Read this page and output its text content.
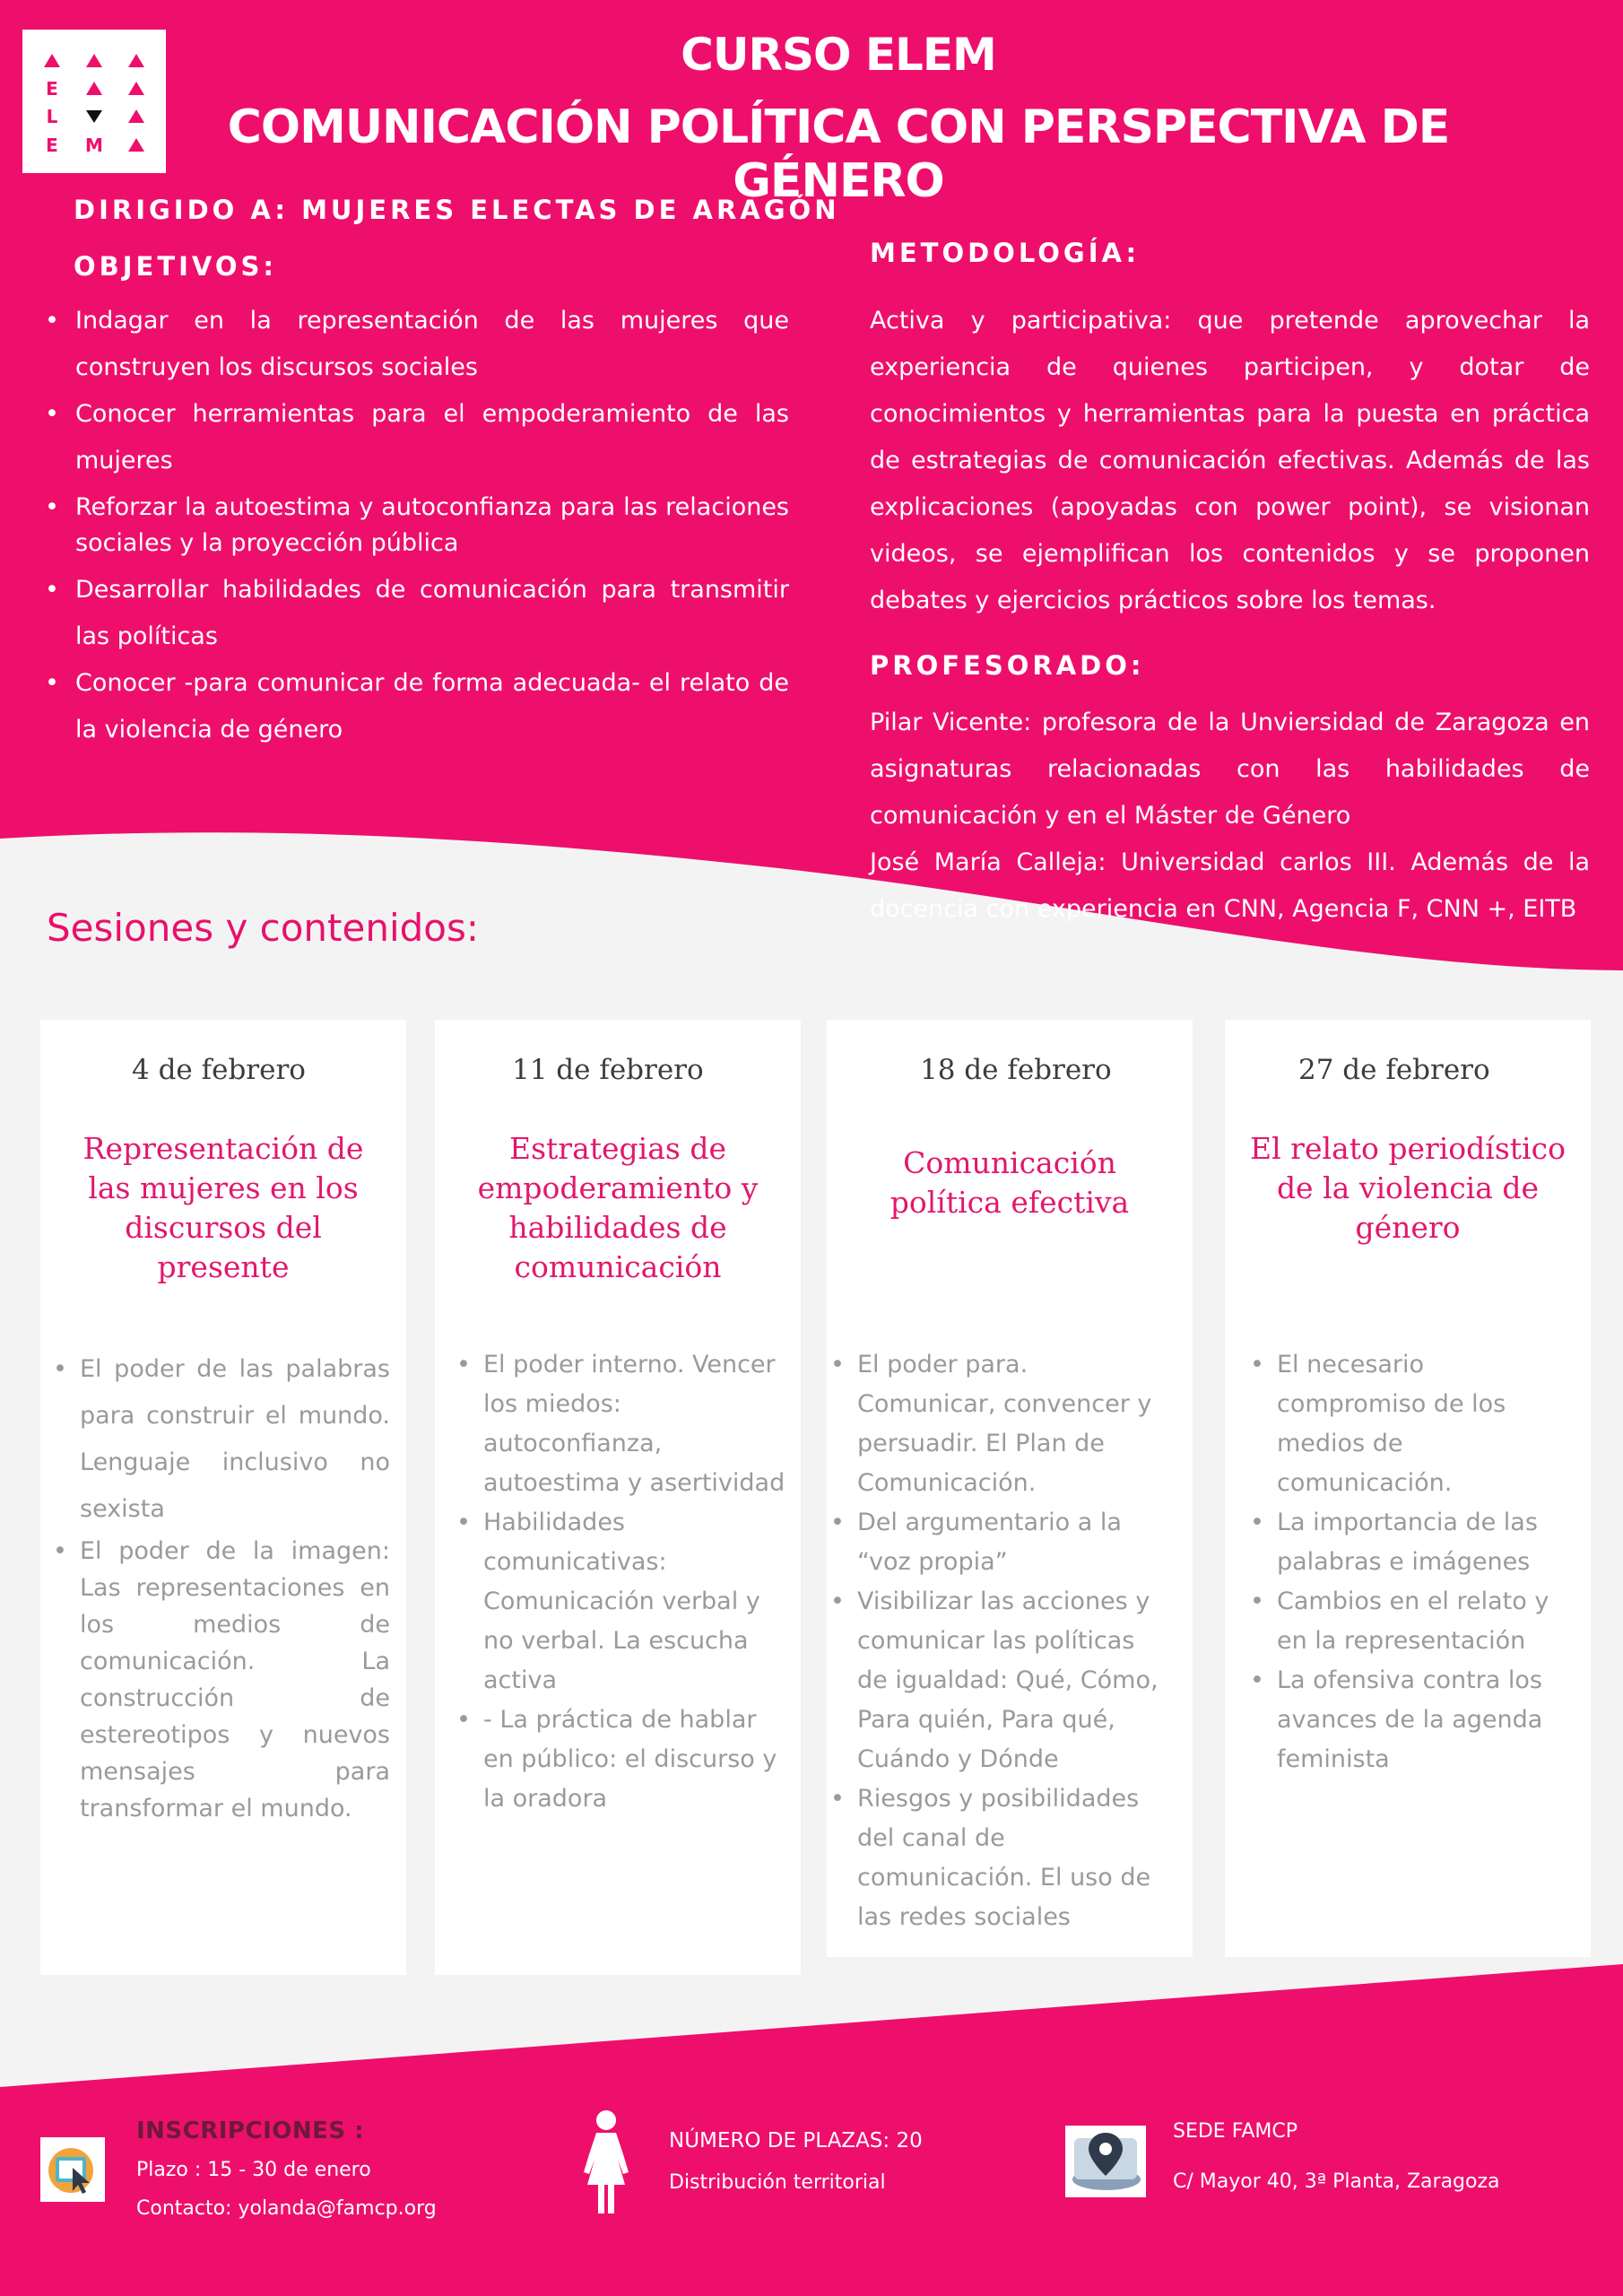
E
L
E M
CURSO ELEM
COMUNICACIÓN POLÍTICA CON PERSPECTIVA DE GÉNERO
DIRIGIDO A: MUJERES ELECTAS DE ARAGÓN
OBJETIVOS:
• Indagar en la representación de las mujeres que construyen los discursos sociales
• Conocer herramientas para el empoderamiento de las mujeres
• Reforzar la autoestima y autoconfianza para las relaciones sociales y la proyección pública
• Desarrollar habilidades de comunicación para transmitir las políticas
• Conocer -para comunicar de forma adecuada- el relato de la violencia de género
METODOLOGÍA:
Activa y participativa: que pretende aprovechar la experiencia de quienes participen, y dotar de conocimientos y herramientas para la puesta en práctica de estrategias de comunicación efectivas. Además de las explicaciones (apoyadas con power point), se visionan videos, se ejemplifican los contenidos y se proponen debates y ejercicios prácticos sobre los temas.
PROFESORADO:

Pilar Vicente: profesora de la Unviersidad de Zaragoza en asignaturas relacionadas con las habilidades de comunicación y en el Máster de Género

José María Calleja: Universidad carlos III. Además de la docencia con experiencia en CNN, Agencia F, CNN +, EITB

Sesiones y contenidos:
4 de febrero
Representación de las mujeres en los discursos del presente
• El poder de las palabras para construir el mundo. Lenguaje inclusivo no sexista
• El poder de la imagen: Las representaciones en los medios de comunicación. La construcción de estereotipos y nuevos mensajes para transformar el mundo.
11 de febrero
Estrategias de empoderamiento y habilidades de comunicación
• El poder interno. Vencer los miedos: autoconfianza, autoestima y asertividad
• Habilidades comunicativas: Comunicación verbal y no verbal. La escucha activa
• - La práctica de hablar en público: el discurso y la oradora
18 de febrero
Comunicación política efectiva
• El poder para. Comunicar, convencer y persuadir. El Plan de Comunicación.
• Del argumentario a la “voz propia”
• Visibilizar las acciones y comunicar las políticas de igualdad: Qué, Cómo, Para quién, Para qué, Cuándo y Dónde
• Riesgos y posibilidades del canal de comunicación. El uso de las redes sociales
27 de febrero
El relato periodístico de la violencia de género
• El necesario compromiso de los medios de comunicación.
• La importancia de las palabras e imágenes
• Cambios en el relato y en la representación
• La ofensiva contra los avances de la agenda feminista
INSCRIPCIONES :
Plazo : 15 - 30 de enero
Contacto: yolanda@famcp.org
NÚMERO DE PLAZAS: 20
Distribución territorial
SEDE FAMCP
C/ Mayor 40, 3ª Planta, Zaragoza
